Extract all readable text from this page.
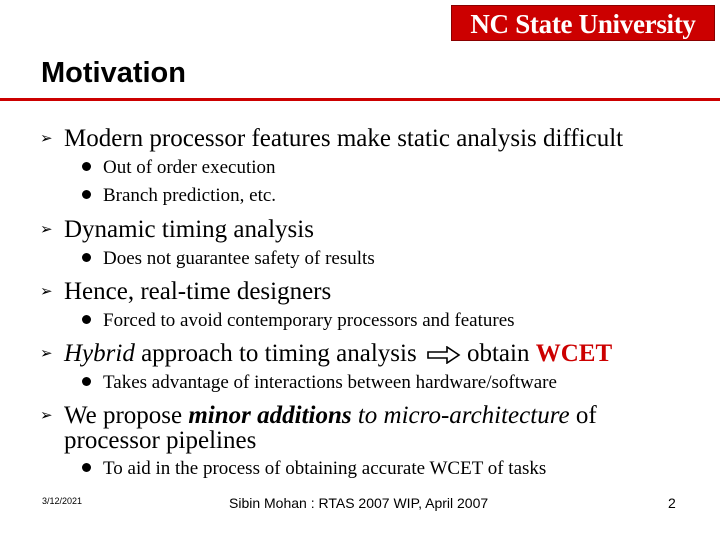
NC State University
Motivation
➢ Modern processor features make static analysis difficult
Out of order execution
Branch prediction, etc.
➢ Dynamic timing analysis
Does not guarantee safety of results
➢ Hence, real-time designers
Forced to avoid contemporary processors and features
➢ Hybrid approach to timing analysis obtain WCET
Takes advantage of interactions between hardware/software
➢ We propose minor additions to micro-architecture of
processor pipelines
To aid in the process of obtaining accurate WCET of tasks
3/12/2021	Sibin Mohan : RTAS 2007 WIP, April 2007	2
